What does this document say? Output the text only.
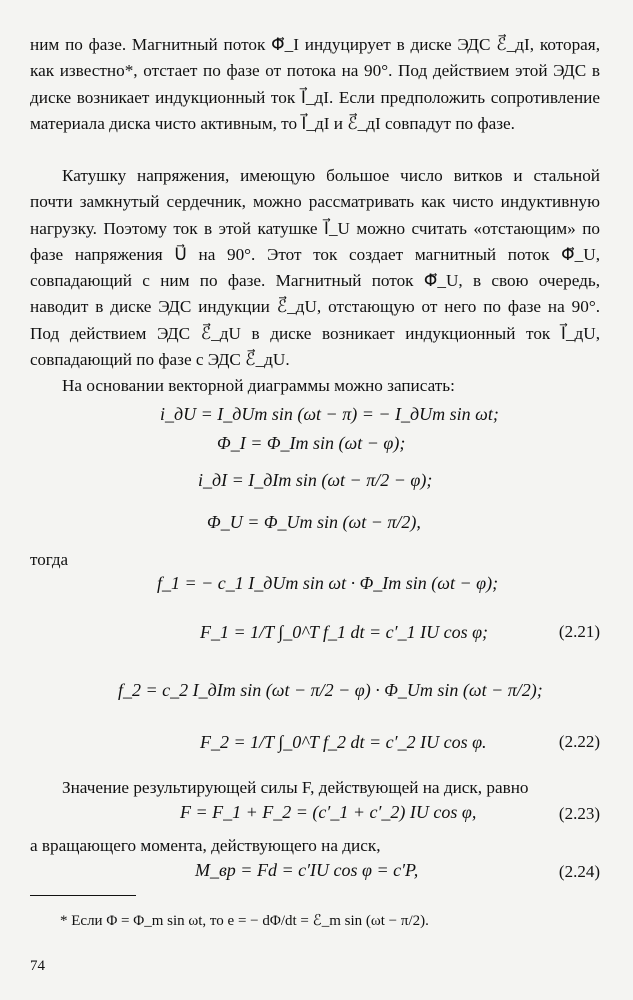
ним по фазе. Магнитный поток Φ⃗_I индуцирует в диске ЭДС ℰ⃗_дI, которая, как известно*, отстает по фазе от потока на 90°. Под действием этой ЭДС в диске возникает индукционный ток I⃗_дI. Если предположить сопротивление материала диска чисто активным, то I⃗_дI и ℰ⃗_дI совпадут по фазе.
Катушку напряжения, имеющую большое число витков и стальной почти замкнутый сердечник, можно рассматривать как чисто индуктивную нагрузку. Поэтому ток в этой катушке I⃗_U можно считать «отстающим» по фазе напряжения U⃗ на 90°. Этот ток создает магнитный поток Φ⃗_U, совпадающий с ним по фазе. Магнитный поток Φ⃗_U, в свою очередь, наводит в диске ЭДС индукции ℰ⃗_дU, отстающую от него по фазе на 90°. Под действием ЭДС ℰ⃗_дU в диске возникает индукционный ток I⃗_дU, совпадающий по фазе с ЭДС ℰ⃗_дU.
На основании векторной диаграммы можно записать:
i_дU = I_дUm sin (ωt − π) = − I_дUm sin ωt;
Φ_I = Φ_Im sin (ωt − φ);
i_дI = I_дIm sin (ωt − π/2 − φ);
Φ_U = Φ_Um sin (ωt − π/2),
тогда
f_1 = − c_1 I_дUm sin ωt · Φ_Im sin (ωt − φ);
F_1 = 1/T ∫_0^T f_1 dt = c′_1 IU cos φ;	(2.21)
f_2 = c_2 I_дIm sin (ωt − π/2 − φ) · Φ_Um sin (ωt − π/2);
F_2 = 1/T ∫_0^T f_2 dt = c′_2 IU cos φ.	(2.22)
Значение результирующей силы F, действующей на диск, равно
F = F_1 + F_2 = (c′_1 + c′_2) IU cos φ,	(2.23)
а вращающего момента, действующего на диск,
M_вр = Fd = c′IU cos φ = c′P,	(2.24)
* Если Φ = Φ_m sin ωt, то e = − dΦ/dt = ℰ_m sin (ωt − π/2).
74
